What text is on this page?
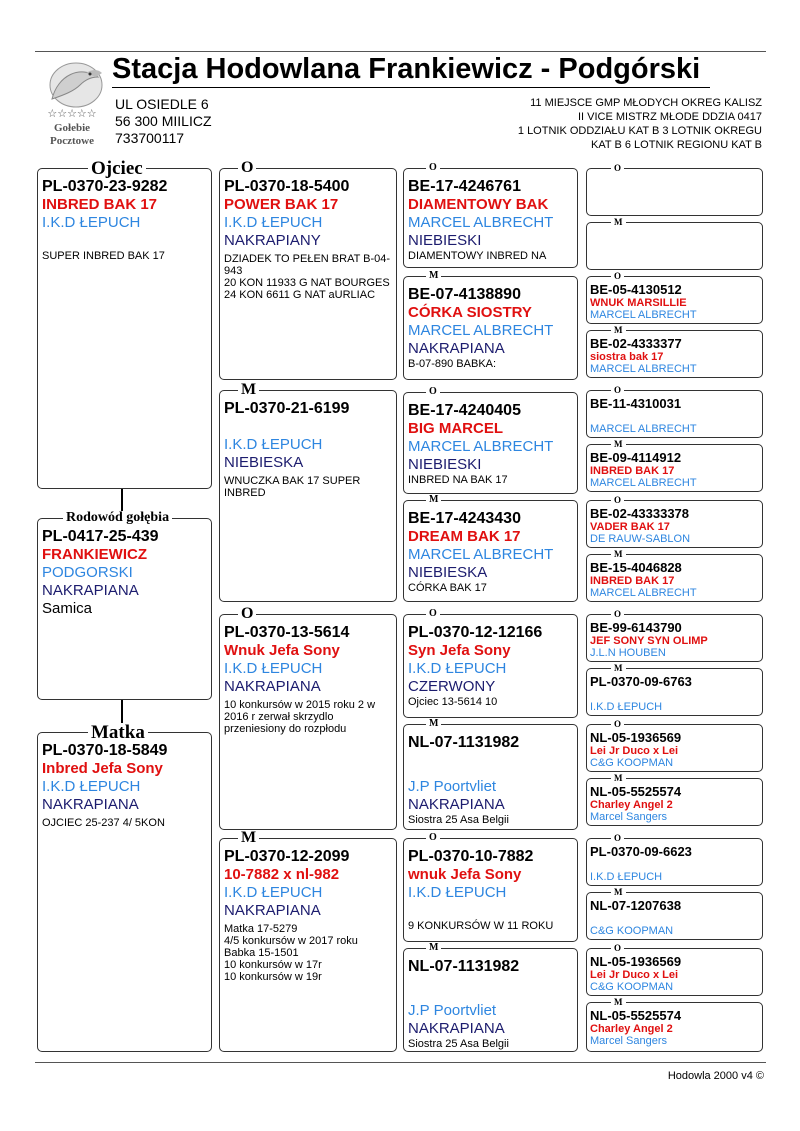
☆☆☆☆☆
Gołebie
Pocztowe
Stacja Hodowlana Frankiewicz - Podgórski
UL OSIEDLE 6
56 300 MIILICZ
733700117
11 MIEJSCE GMP MŁODYCH OKREG KALISZ
II VICE MISTRZ MŁODE DDZIA 0417
1 LOTNIK ODDZIAŁU KAT B 3 LOTNIK OKREGU
KAT B 6 LOTNIK REGIONU KAT B
Ojciec
PL-0370-23-9282
INBRED BAK 17
I.K.D ŁEPUCH
SUPER INBRED BAK 17
Rodowód gołębia
PL-0417-25-439
FRANKIEWICZ
PODGORSKI
NAKRAPIANA
Samica
Matka
PL-0370-18-5849
Inbred Jefa Sony
I.K.D ŁEPUCH
NAKRAPIANA
OJCIEC 25-237 4/ 5KON
O
PL-0370-18-5400
POWER BAK 17
I.K.D ŁEPUCH
NAKRAPIANY
DZIADEK TO PEŁEN BRAT B-04-943
20 KON 11933 G NAT BOURGES
24 KON 6611 G NAT aURLIAC
M
PL-0370-21-6199
I.K.D ŁEPUCH
NIEBIESKA
WNUCZKA BAK 17 SUPER INBRED
O
PL-0370-13-5614
Wnuk Jefa Sony
I.K.D ŁEPUCH
NAKRAPIANA
10 konkursów w 2015 roku 2 w 2016 r zerwał skrzydlo przeniesiony do rozpłodu
M
PL-0370-12-2099
10-7882 x nl-982
I.K.D ŁEPUCH
NAKRAPIANA
Matka 17-5279
4/5 konkursów w 2017 roku
Babka 15-1501
10 konkursów w 17r
10 konkursów w 19r
O
BE-17-4246761
DIAMENTOWY BAK
MARCEL ALBRECHT
NIEBIESKI
DIAMENTOWY INBRED NA
M
BE-07-4138890
CÓRKA SIOSTRY
MARCEL ALBRECHT
NAKRAPIANA
B-07-890 BABKA:
O
BE-17-4240405
BIG MARCEL
MARCEL ALBRECHT
NIEBIESKI
INBRED NA BAK 17
M
BE-17-4243430
DREAM BAK 17
MARCEL ALBRECHT
NIEBIESKA
CÓRKA BAK 17
O
PL-0370-12-12166
Syn Jefa Sony
I.K.D ŁEPUCH
CZERWONY
Ojciec 13-5614 10
M
NL-07-1131982
J.P Poortvliet
NAKRAPIANA
Siostra 25 Asa Belgii
O
PL-0370-10-7882
wnuk Jefa Sony
I.K.D ŁEPUCH
9 KONKURSÓW W 11 ROKU
M
NL-07-1131982
J.P Poortvliet
NAKRAPIANA
Siostra 25 Asa Belgii
O
M
O
BE-05-4130512
WNUK MARSILLIE
MARCEL ALBRECHT
M
BE-02-4333377
siostra bak 17
MARCEL ALBRECHT
O
BE-11-4310031
MARCEL ALBRECHT
M
BE-09-4114912
INBRED BAK 17
MARCEL ALBRECHT
O
BE-02-43333378
VADER BAK 17
DE RAUW-SABLON
M
BE-15-4046828
INBRED BAK 17
MARCEL ALBRECHT
O
BE-99-6143790
JEF SONY SYN OLIMP
J.L.N HOUBEN
M
PL-0370-09-6763
I.K.D ŁEPUCH
O
NL-05-1936569
Lei Jr Duco x Lei
C&G KOOPMAN
M
NL-05-5525574
Charley Angel 2
Marcel Sangers
O
PL-0370-09-6623
I.K.D ŁEPUCH
M
NL-07-1207638
C&G KOOPMAN
O
NL-05-1936569
Lei Jr Duco x Lei
C&G KOOPMAN
M
NL-05-5525574
Charley Angel 2
Marcel Sangers
Hodowla 2000 v4 ©
